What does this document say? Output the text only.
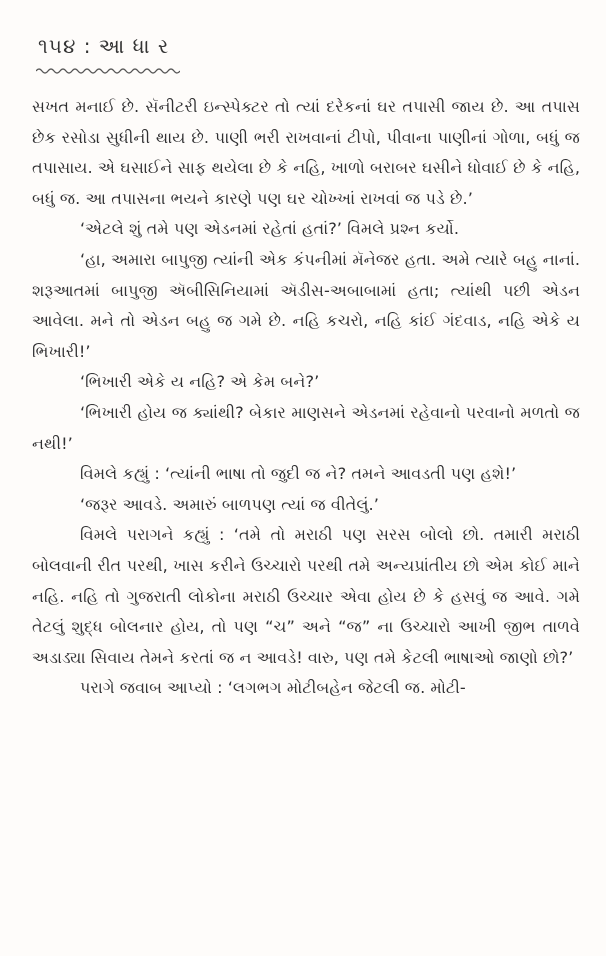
૧૫૪ : આ ધા ર

સખત મનાઈ છે. સૅનીટરી ઇન્સ્પેક્ટર તો ત્યાં દરેકનાં ઘર તપાસી જાય છે. આ તપાસ છેક રસોડા સુધીની થાય છે. પાણી ભરી રાખવાનાં ટીપો, પીવાના પાણીનાં ગોળા, બધું જ તપાસાય. એ ઘસાઈને સાફ થયેલા છે કે નહિ, ખાળો બરાબર ઘસીને ધોવાઈ છે કે નહિ, બધું જ. આ તપાસના ભયને કારણે પણ ઘર ચોખ્ખાં રાખવાં જ પડે છે.’

‘એટલે શું તમે પણ એડનમાં રહેતાં હતાં?’ વિમલે પ્રશ્ન કર્યો.

‘હા, અમારા બાપુજી ત્યાંની એક કંપનીમાં મૅનેજર હતા. અમે ત્યારે બહુ નાનાં. શરૂઆતમાં બાપુજી ઍબીસિનિયામાં ઍડીસ-અબાબામાં હતા; ત્યાંથી પછી એડન આવેલા. મને તો એડન બહુ જ ગમે છે. નહિ કચરો, નહિ કાંઈ ગંદવાડ, નહિ એકે ય ભિખારી!’

‘ભિખારી એકે ય નહિ? એ કેમ બને?’

‘ભિખારી હોય જ ક્યાંથી? બેકાર માણસને એડનમાં રહેવાનો પરવાનો મળતો જ નથી!’

વિમલે કહ્યું : ‘ત્યાંની ભાષા તો જુદી જ ને? તમને આવડતી પણ હશે!’

‘જરૂર આવડે. અમારું બાળપણ ત્યાં જ વીતેલું.’

વિમલે પરાગને કહ્યું : ‘તમે તો મરાઠી પણ સરસ બોલો છો. તમારી મરાઠી બોલવાની રીત પરથી, ખાસ કરીને ઉચ્ચારો પરથી તમે અન્યપ્રાંતીય છો એમ કોઈ માને નહિ. નહિ તો ગુજરાતી લોકોના મરાઠી ઉચ્ચાર એવા હોય છે કે હસવું જ આવે. ગમે તેટલું શુદ્ધ બોલનાર હોય, તો પણ “ચ” અને “જ” ના ઉચ્ચારો આખી જીભ તાળવે અડાડ્યા સિવાય તેમને કરતાં જ ન આવડે! વારુ, પણ તમે કેટલી ભાષાઓ જાણો છો?’

પરાગે જવાબ આપ્યો : ‘લગભગ મોટીબહેન જેટલી જ. મોટી-
